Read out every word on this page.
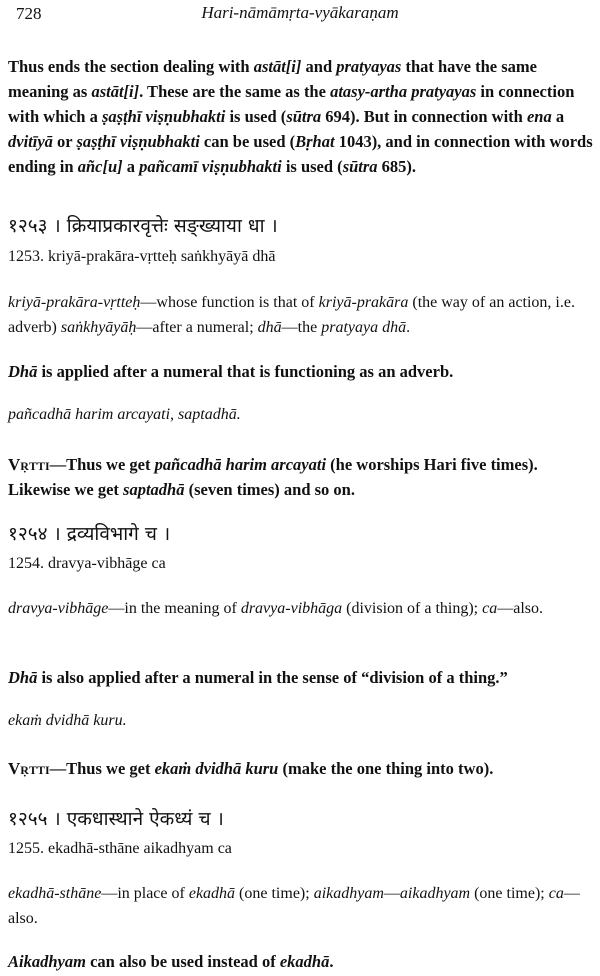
728	Hari-nāmāmṛta-vyākaraṇam

Thus ends the section dealing with astāt[i] and pratyayas that have the same meaning as astāt[i]. These are the same as the atasy-artha pratyayas in connection with which a ṣaṣṭhī viṣṇubhakti is used (sūtra 694). But in connection with ena a dvitīyā or ṣaṣṭhī viṣṇubhakti can be used (Bṛhat 1043), and in connection with words ending in añc[u] a pañcamī viṣṇubhakti is used (sūtra 685).

१२५३ । क्रियाप्रकारवृत्तेः सङ्ख्याया धा ।
1253. kriyā-prakāra-vṛtteḥ saṅkhyāyā dhā

kriyā-prakāra-vṛtteḥ—whose function is that of kriyā-prakāra (the way of an action, i.e. adverb) saṅkhyāyāḥ—after a numeral; dhā—the pratyaya dhā.

Dhā is applied after a numeral that is functioning as an adverb.

pañcadhā harim arcayati, saptadhā.

Vṛtti—Thus we get pañcadhā harim arcayati (he worships Hari five times). Likewise we get saptadhā (seven times) and so on.

१२५४ । द्रव्यविभागे च ।
1254. dravya-vibhāge ca

dravya-vibhāge—in the meaning of dravya-vibhāga (division of a thing); ca—also.

Dhā is also applied after a numeral in the sense of “division of a thing.”

ekaṁ dvidhā kuru.

Vṛtti—Thus we get ekaṁ dvidhā kuru (make the one thing into two).

१२५५ । एकधास्थाने ऐकध्यं च ।
1255. ekadhā-sthāne aikadhyam ca

ekadhā-sthāne—in place of ekadhā (one time); aikadhyam—aikadhyam (one time); ca—also.

Aikadhyam can also be used instead of ekadhā.
